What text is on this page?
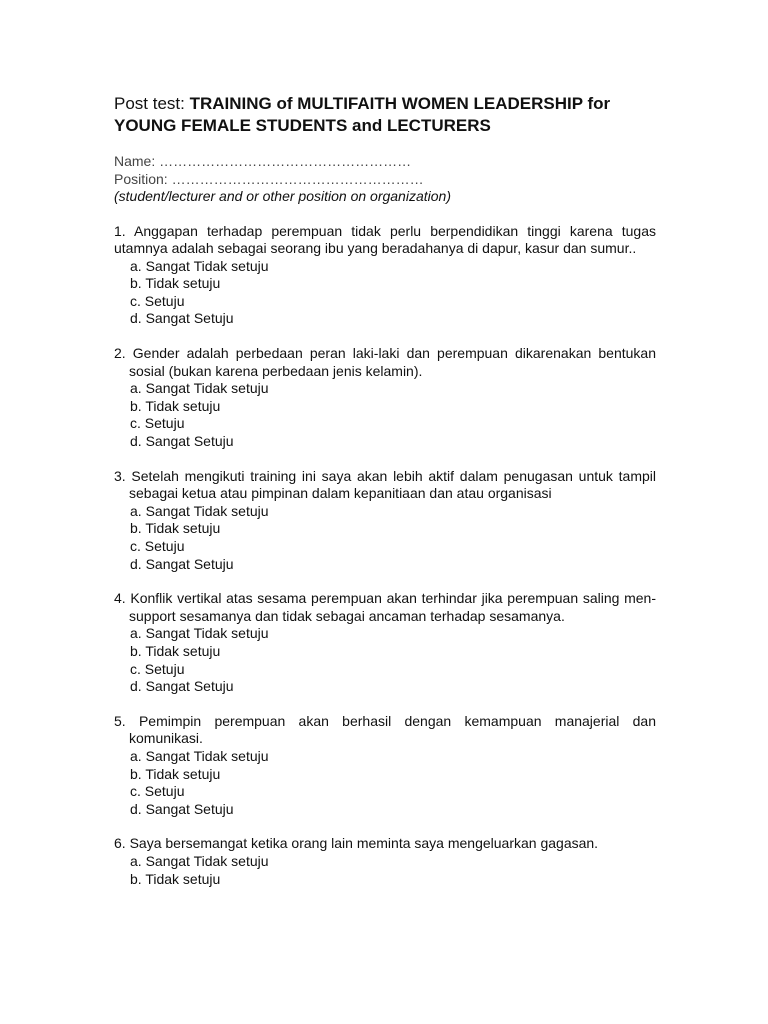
Post test: TRAINING of MULTIFAITH WOMEN LEADERSHIP for YOUNG FEMALE STUDENTS and LECTURERS
Name: ………………………………………………
Position: ………………………………………………
(student/lecturer and or other position on organization)
1. Anggapan terhadap perempuan tidak perlu berpendidikan tinggi karena tugas utamnya adalah sebagai seorang ibu yang beradahanya di dapur, kasur dan sumur..
a. Sangat Tidak setuju
b. Tidak setuju
c. Setuju
d. Sangat Setuju
2. Gender adalah perbedaan peran laki-laki dan perempuan dikarenakan bentukan sosial (bukan karena perbedaan jenis kelamin).
a. Sangat Tidak setuju
b. Tidak setuju
c. Setuju
d. Sangat Setuju
3. Setelah mengikuti training ini saya akan lebih aktif dalam penugasan untuk tampil sebagai ketua atau pimpinan dalam kepanitiaan dan atau organisasi
a. Sangat Tidak setuju
b. Tidak setuju
c. Setuju
d. Sangat Setuju
4. Konflik vertikal atas sesama perempuan akan terhindar jika perempuan saling men-support sesamanya dan tidak sebagai ancaman terhadap sesamanya.
a. Sangat Tidak setuju
b. Tidak setuju
c. Setuju
d. Sangat Setuju
5. Pemimpin perempuan akan berhasil dengan kemampuan manajerial dan komunikasi.
a. Sangat Tidak setuju
b. Tidak setuju
c. Setuju
d. Sangat Setuju
6. Saya bersemangat ketika orang lain meminta saya mengeluarkan gagasan.
a. Sangat Tidak setuju
b. Tidak setuju
